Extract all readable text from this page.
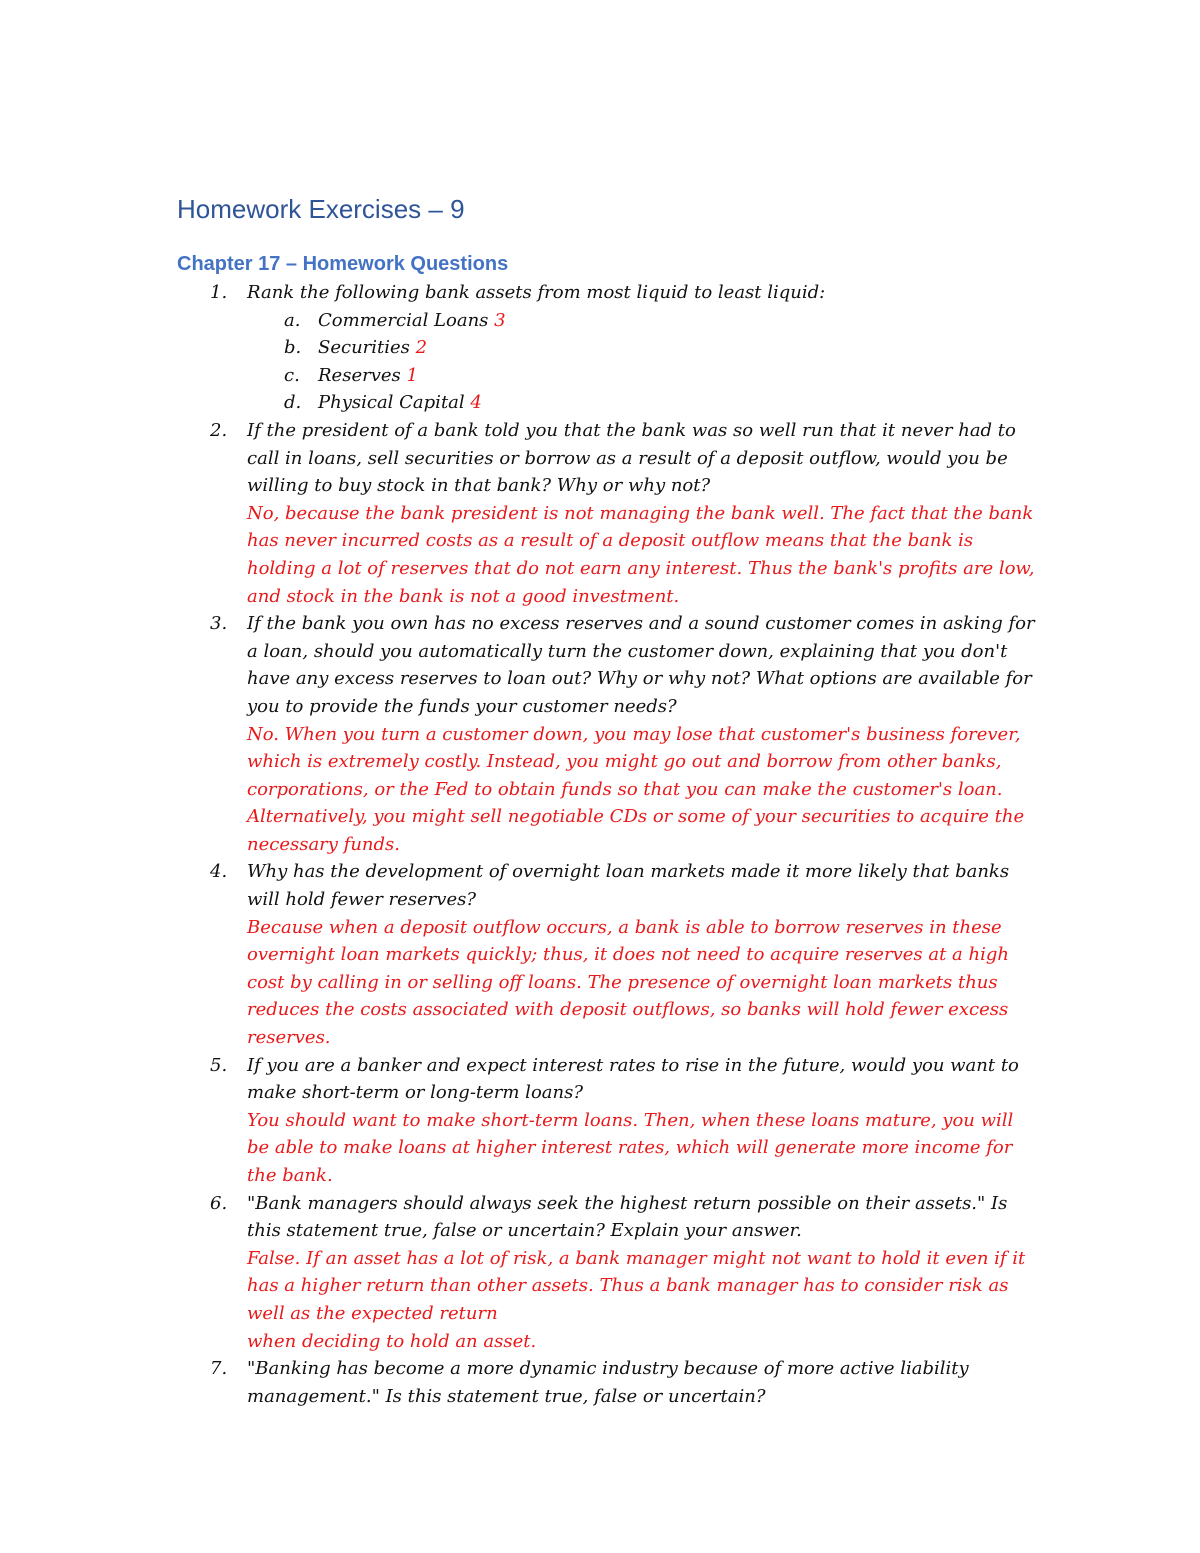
Homework Exercises – 9
Chapter 17 – Homework Questions
1.	Rank the following bank assets from most liquid to least liquid:
a. Commercial Loans 3
b. Securities 2
c. Reserves 1
d. Physical Capital 4
2.	If the president of a bank told you that the bank was so well run that it never had to call in loans, sell securities or borrow as a result of a deposit outflow, would you be willing to buy stock in that bank? Why or why not?
No, because the bank president is not managing the bank well. The fact that the bank has never incurred costs as a result of a deposit outflow means that the bank is holding a lot of reserves that do not earn any interest. Thus the bank's profits are low, and stock in the bank is not a good investment.
3.	If the bank you own has no excess reserves and a sound customer comes in asking for a loan, should you automatically turn the customer down, explaining that you don't have any excess reserves to loan out? Why or why not? What options are available for you to provide the funds your customer needs?
No. When you turn a customer down, you may lose that customer's business forever, which is extremely costly. Instead, you might go out and borrow from other banks, corporations, or the Fed to obtain funds so that you can make the customer's loan. Alternatively, you might sell negotiable CDs or some of your securities to acquire the necessary funds.
4.	Why has the development of overnight loan markets made it more likely that banks will hold fewer reserves?
Because when a deposit outflow occurs, a bank is able to borrow reserves in these overnight loan markets quickly; thus, it does not need to acquire reserves at a high cost by calling in or selling off loans. The presence of overnight loan markets thus reduces the costs associated with deposit outflows, so banks will hold fewer excess reserves.
5.	If you are a banker and expect interest rates to rise in the future, would you want to make short-term or long-term loans?
You should want to make short-term loans. Then, when these loans mature, you will be able to make loans at higher interest rates, which will generate more income for the bank.
6.	"Bank managers should always seek the highest return possible on their assets." Is this statement true, false or uncertain? Explain your answer.
False. If an asset has a lot of risk, a bank manager might not want to hold it even if it has a higher return than other assets. Thus a bank manager has to consider risk as well as the expected return
when deciding to hold an asset.
7.	"Banking has become a more dynamic industry because of more active liability management." Is this statement true, false or uncertain?
